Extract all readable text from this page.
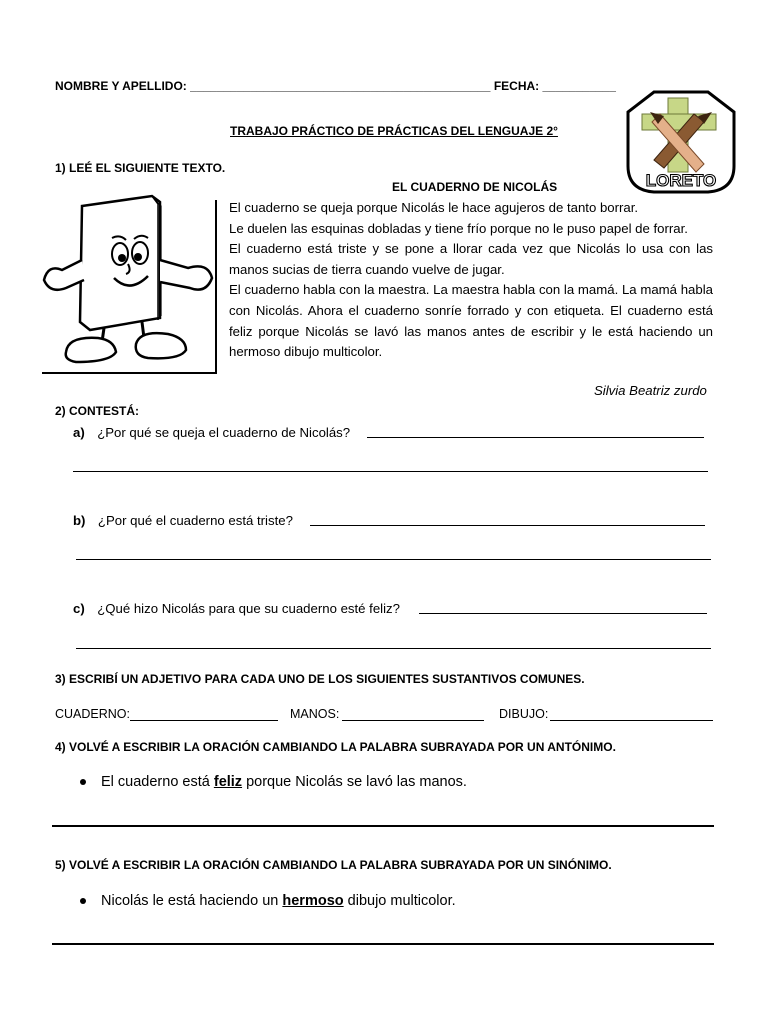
NOMBRE Y APELLIDO: _____________________________________________ FECHA: ___________
TRABAJO PRÁCTICO DE PRÁCTICAS DEL LENGUAJE 2°
LORETO
1) LEÉ EL SIGUIENTE TEXTO.
EL CUADERNO DE NICOLÁS

El cuaderno se queja porque Nicolás le hace agujeros de tanto borrar.

Le duelen las esquinas dobladas y tiene frío porque no le puso papel de forrar.

El cuaderno está triste y se pone a llorar cada vez que Nicolás lo usa con las manos sucias de tierra cuando vuelve de jugar.

El cuaderno habla con la maestra. La maestra habla con la mamá. La mamá habla con Nicolás. Ahora el cuaderno sonríe forrado y con etiqueta. El cuaderno está feliz porque Nicolás se lavó las manos antes de escribir y le está haciendo un hermoso dibujo multicolor.

Silvia Beatriz zurdo
2) CONTESTÁ:
a) ¿Por qué se queja el cuaderno de Nicolás?
b) ¿Por qué el cuaderno está triste?
c) ¿Qué hizo Nicolás para que su cuaderno esté feliz?
3) ESCRIBÍ UN ADJETIVO PARA CADA UNO DE LOS SIGUIENTES SUSTANTIVOS COMUNES.
CUADERNO:	MANOS:	DIBUJO:
4) VOLVÉ A ESCRIBIR LA ORACIÓN CAMBIANDO LA PALABRA SUBRAYADA POR UN ANTÓNIMO.
El cuaderno está feliz porque Nicolás se lavó las manos.
5) VOLVÉ A ESCRIBIR LA ORACIÓN CAMBIANDO LA PALABRA SUBRAYADA POR UN SINÓNIMO.
Nicolás le está haciendo un hermoso dibujo multicolor.
